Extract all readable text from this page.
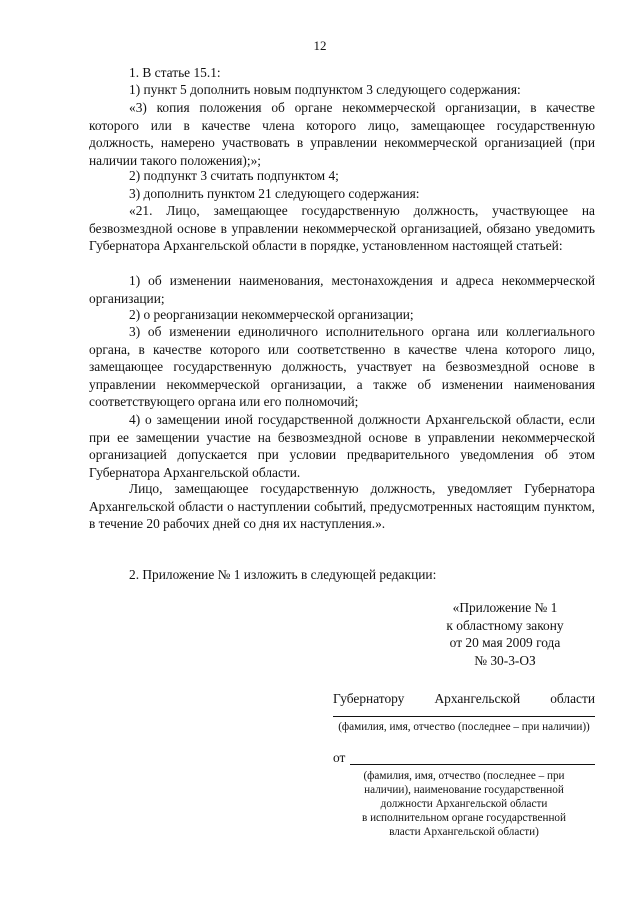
12

1. В статье 15.1:

1) пункт 5 дополнить новым подпунктом 3 следующего содержания:

«3) копия положения об органе некоммерческой организации, в качестве которого или в качестве члена которого лицо, замещающее государственную должность, намерено участвовать в управлении некоммерческой организацией (при наличии такого положения);»;

2) подпункт 3 считать подпунктом 4;

3) дополнить пунктом 21 следующего содержания:

«21. Лицо, замещающее государственную должность, участвующее на безвозмездной основе в управлении некоммерческой организацией, обязано уведомить Губернатора Архангельской области в порядке, установленном настоящей статьей:

1) об изменении наименования, местонахождения и адреса некоммерческой организации;

2) о реорганизации некоммерческой организации;

3) об изменении единоличного исполнительного органа или коллегиального органа, в качестве которого или соответственно в качестве члена которого лицо, замещающее государственную должность, участвует на безвозмездной основе в управлении некоммерческой организации, а также об изменении наименования соответствующего органа или его полномочий;

4) о замещении иной государственной должности Архангельской области, если при ее замещении участие на безвозмездной основе в управлении некоммерческой организацией допускается при условии предварительного уведомления об этом Губернатора Архангельской области.

Лицо, замещающее государственную должность, уведомляет Губернатора Архангельской области о наступлении событий, предусмотренных настоящим пунктом, в течение 20 рабочих дней со дня их наступления.».

2. Приложение № 1 изложить в следующей редакции:

«Приложение № 1
к областному закону
от 20 мая 2009 года
№ 30-3-ОЗ
Губернатору Архангельской области
(фамилия, имя, отчество (последнее – при наличии))
от
(фамилия, имя, отчество (последнее – при
наличии), наименование государственной
должности Архангельской области
в исполнительном органе государственной
власти Архангельской области)
